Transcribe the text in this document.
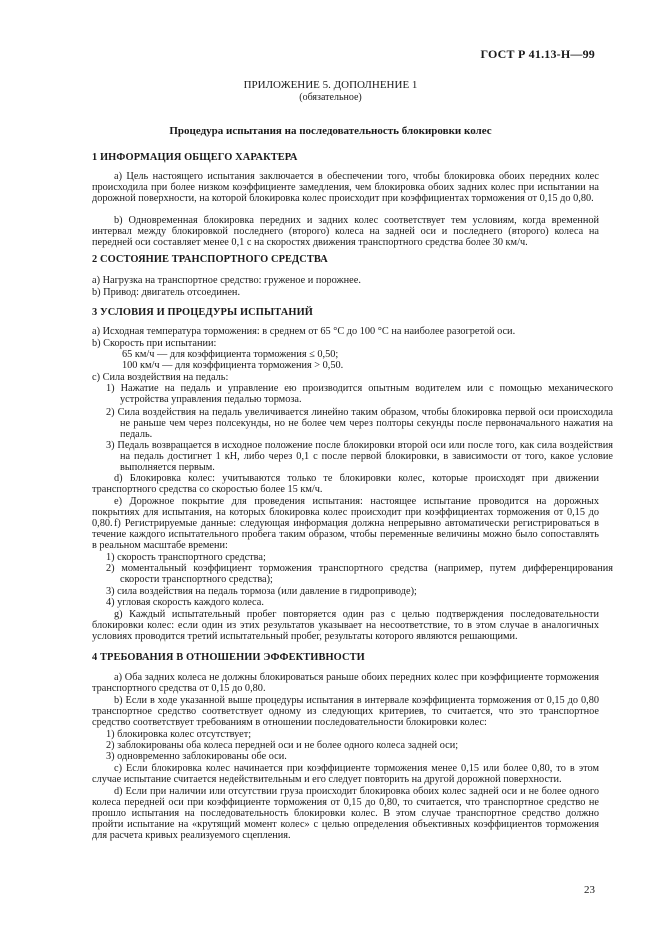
ГОСТ Р 41.13-Н—99
ПРИЛОЖЕНИЕ 5. ДОПОЛНЕНИЕ 1
(обязательное)
Процедура испытания на последовательность блокировки колес
1 ИНФОРМАЦИЯ ОБЩЕГО ХАРАКТЕРА
а) Цель настоящего испытания заключается в обеспечении того, чтобы блокировка обоих передних колес происходила при более низком коэффициенте замедления, чем блокировка обоих задних колес при испытании на дорожной поверхности, на которой блокировка колес происходит при коэффициентах торможения от 0,15 до 0,80.
b) Одновременная блокировка передних и задних колес соответствует тем условиям, когда временной интервал между блокировкой последнего (второго) колеса на задней оси и последнего (второго) колеса на передней оси составляет менее 0,1 с на скоростях движения транспортного средства более 30 км/ч.
2 СОСТОЯНИЕ ТРАНСПОРТНОГО СРЕДСТВА
а) Нагрузка на транспортное средство: груженое и порожнее.
b) Привод: двигатель отсоединен.
3 УСЛОВИЯ И ПРОЦЕДУРЫ ИСПЫТАНИЙ
а) Исходная температура торможения: в среднем от 65 °С до 100 °С на наиболее разогретой оси.
b) Скорость при испытании:
65 км/ч — для коэффициента торможения ≤ 0,50;
100 км/ч — для коэффициента торможения > 0,50.
с) Сила воздействия на педаль:
1) Нажатие на педаль и управление ею производится опытным водителем или с помощью механического устройства управления педалью тормоза.
2) Сила воздействия на педаль увеличивается линейно таким образом, чтобы блокировка первой оси происходила не раньше чем через полсекунды, но не более чем через полторы секунды после первоначального нажатия на педаль.
3) Педаль возвращается в исходное положение после блокировки второй оси или после того, как сила воздействия на педаль достигнет 1 кН, либо через 0,1 с после первой блокировки, в зависимости от того, какое условие выполняется первым.
d) Блокировка колес: учитываются только те блокировки колес, которые происходят при движении транспортного средства со скоростью более 15 км/ч.
e) Дорожное покрытие для проведения испытания: настоящее испытание проводится на дорожных покрытиях для испытания, на которых блокировка колес происходит при коэффициентах торможения от 0,15 до 0,80. f) Регистрируемые данные: следующая информация должна непрерывно автоматически регистрироваться в течение каждого испытательного пробега таким образом, чтобы переменные величины можно было сопоставлять в реальном масштабе времени:
1) скорость транспортного средства;
2) моментальный коэффициент торможения транспортного средства (например, путем дифференцирования скорости транспортного средства);
3) сила воздействия на педаль тормоза (или давление в гидроприводе);
4) угловая скорость каждого колеса.
g) Каждый испытательный пробег повторяется один раз с целью подтверждения последовательности блокировки колес: если один из этих результатов указывает на несоответствие, то в этом случае в аналогичных условиях проводится третий испытательный пробег, результаты которого являются решающими.
4 ТРЕБОВАНИЯ В ОТНОШЕНИИ ЭФФЕКТИВНОСТИ
а) Оба задних колеса не должны блокироваться раньше обоих передних колес при коэффициенте торможения транспортного средства от 0,15 до 0,80.
b) Если в ходе указанной выше процедуры испытания в интервале коэффициента торможения от 0,15 до 0,80 транспортное средство соответствует одному из следующих критериев, то считается, что это транспортное средство соответствует требованиям в отношении последовательности блокировки колес:
1) блокировка колес отсутствует;
2) заблокированы оба колеса передней оси и не более одного колеса задней оси;
3) одновременно заблокированы обе оси.
с) Если блокировка колес начинается при коэффициенте торможения менее 0,15 или более 0,80, то в этом случае испытание считается недействительным и его следует повторить на другой дорожной поверхности.
d) Если при наличии или отсутствии груза происходит блокировка обоих колес задней оси и не более одного колеса передней оси при коэффициенте торможения от 0,15 до 0,80, то считается, что транспортное средство не прошло испытания на последовательность блокировки колес. В этом случае транспортное средство должно пройти испытание на «крутящий момент колес» с целью определения объективных коэффициентов торможения для расчета кривых реализуемого сцепления.
23
